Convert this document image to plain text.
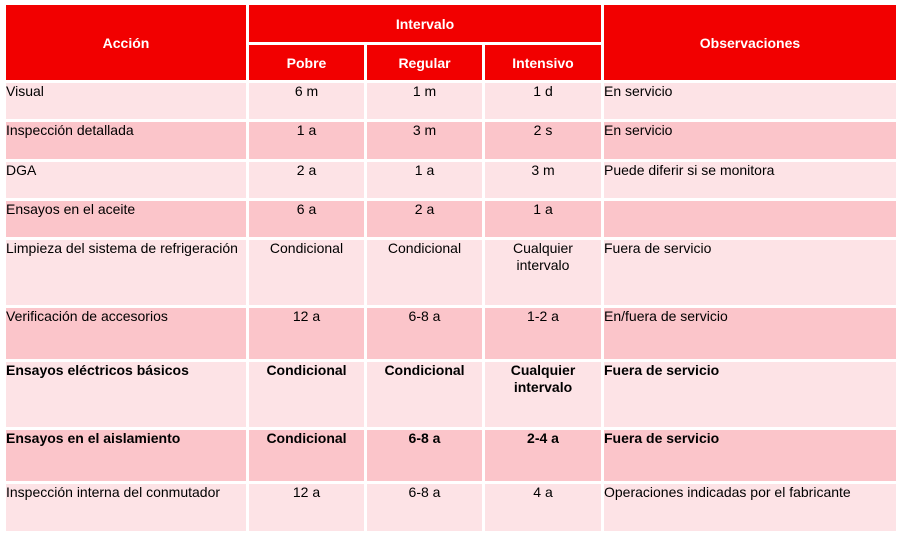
Acción	Intervalo			Observaciones
	Pobre	Regular	Intensivo	

Visual	6 m	1 m	1 d	En servicio

Inspección detallada	1 a	3 m	2 s	En servicio

DGA	2 a	1 a	3 m	Puede diferir si se monitora

Ensayos en el aceite	6 a	2 a	1 a	

Limpieza del sistema de refrigeración	Condicional	Condicional	Cualquier intervalo	Fuera de servicio

Verificación de accesorios	12 a	6-8 a	1-2 a	En/fuera de servicio

Ensayos eléctricos básicos	Condicional	Condicional	Cualquier intervalo	Fuera de servicio

Ensayos en el aislamiento	Condicional	6-8 a	2-4 a	Fuera de servicio

Inspección interna del conmutador	12 a	6-8 a	4 a	Operaciones indicadas por el fabricante
